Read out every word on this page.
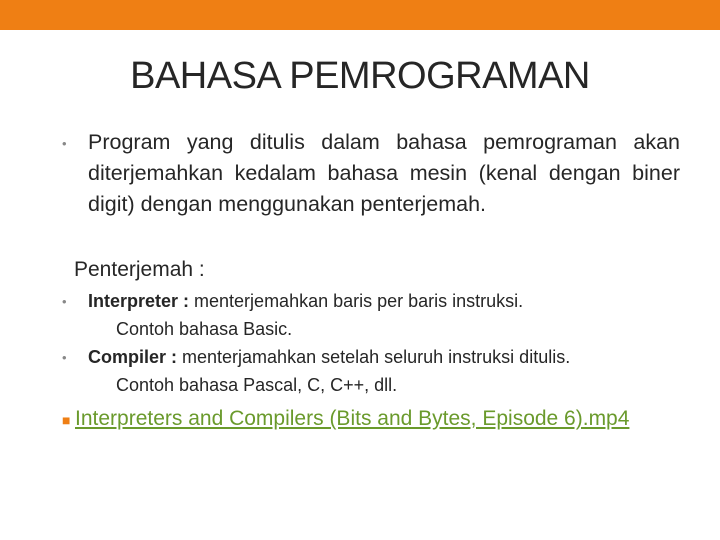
BAHASA PEMROGRAMAN
• Program yang ditulis dalam bahasa pemrograman akan diterjemahkan kedalam bahasa mesin (kenal dengan biner digit) dengan menggunakan penterjemah.

Penterjemah :

• Interpreter : menterjemahkan baris per baris instruksi.
Contoh bahasa Basic.

• Compiler : menterjamahkan setelah seluruh instruksi ditulis.
Contoh bahasa Pascal, C, C++, dll.

■ Interpreters and Compilers (Bits and Bytes, Episode 6).mp4
